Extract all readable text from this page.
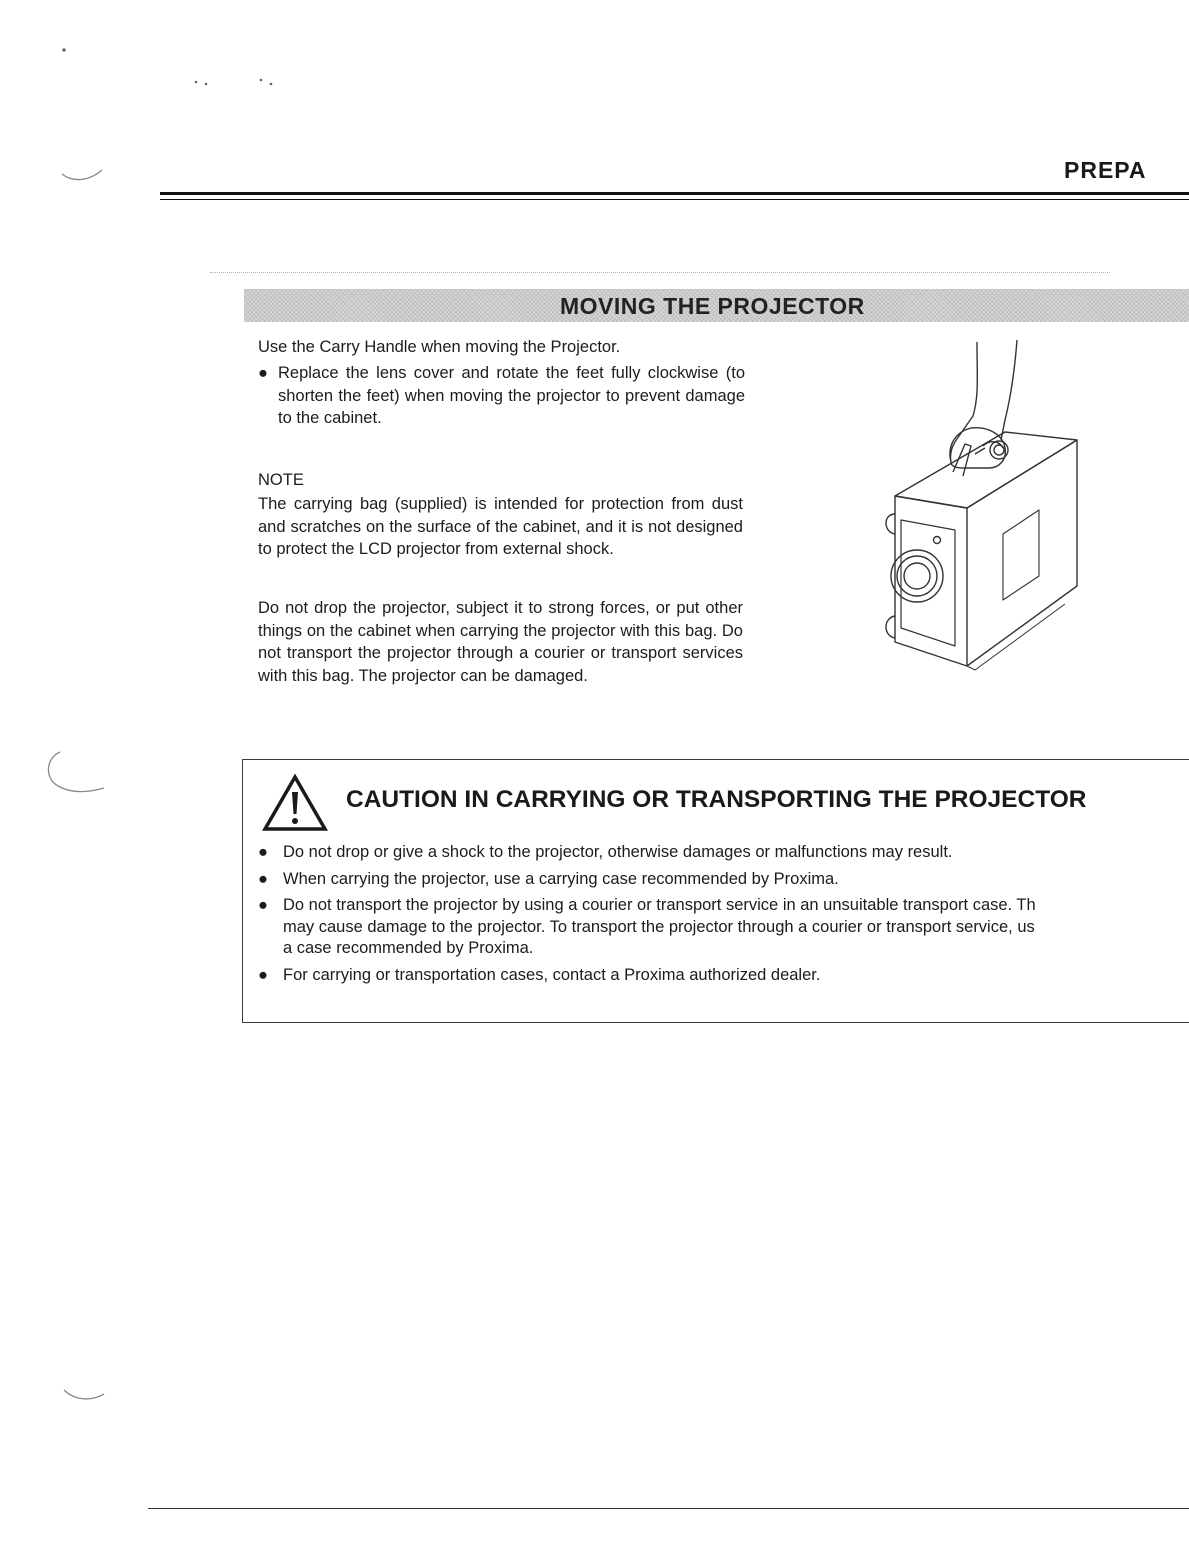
PREPA
MOVING THE PROJECTOR
Use the Carry Handle when moving the Projector.
● Replace the lens cover and rotate the feet fully clockwise (to shorten the feet) when moving the projector to prevent damage to the cabinet.
NOTE
The carrying bag (supplied) is intended for protection from dust and scratches on the surface of the cabinet, and it is not designed to protect the LCD projector from external shock.
Do not drop the projector, subject it to strong forces, or put other things on the cabinet when carrying the projector with this bag. Do not transport the projector through a courier or transport services with this bag. The projector can be damaged.
CAUTION IN CARRYING OR TRANSPORTING THE PROJECTOR
● Do not drop or give a shock to the projector, otherwise damages or malfunctions may result.
● When carrying the projector, use a carrying case recommended by Proxima.
● Do not transport the projector by using a courier or transport service in an unsuitable transport case. Th
may cause damage to the projector. To transport the projector through a courier or transport service, us
a case recommended by Proxima.
● For carrying or transportation cases, contact a Proxima authorized dealer.
